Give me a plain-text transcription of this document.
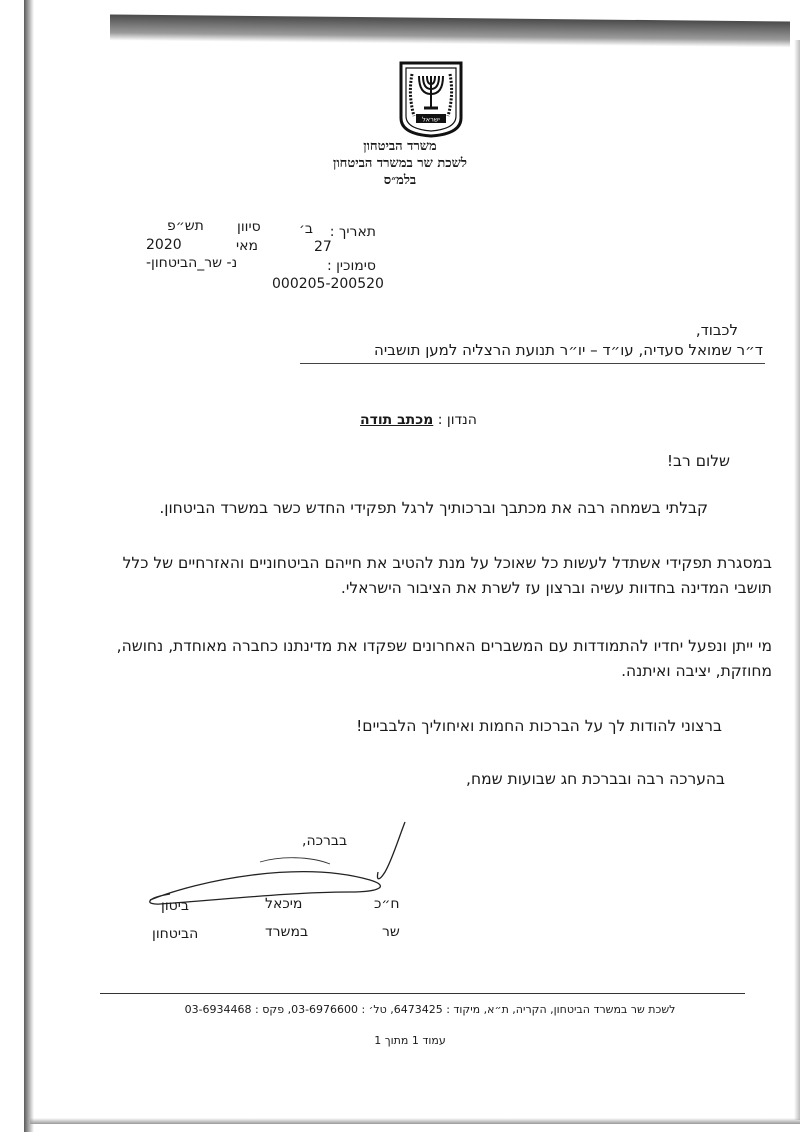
ישראל
משרד הביטחון
לשכת שר במשרד הביטחון
בלמ״ס
תאריך :
ב׳
סיוון
תש״פ
2020	מאי	27
סימוכין :
נ- שר_הביטחון-
000205-200520
לכבוד,
ד״ר שמואל סעדיה, עו״ד – יו״ר תנועת הרצליה למען תושביה
הנדון : מכתב תודה
שלום רב!
קבלתי בשמחה רבה את מכתבך וברכותיך לרגל תפקידי החדש כשר במשרד הביטחון.
במסגרת תפקידי אשתדל לעשות כל שאוכל על מנת להטיב את חייהם הביטחוניים והאזרחיים של כלל תושבי המדינה בחדוות עשיה וברצון עז לשרת את הציבור הישראלי.
מי ייתן ונפעל יחדיו להתמודדות עם המשברים האחרונים שפקדו את מדינתנו כחברה מאוחדת, נחושה, מחוזקת, יציבה ואיתנה.
ברצוני להודות לך על הברכות החמות ואיחוליך הלבביים!
בהערכה רבה ובברכת חג שבועות שמח,
בברכה,
ח״כ
מיכאל
ביטון
שר
במשרד
הביטחון
לשכת שר במשרד הביטחון, הקריה, ת״א, מיקוד : 6473425, טל׳ : 03-6976600, פקס : 03-6934468
עמוד 1 מתוך 1
